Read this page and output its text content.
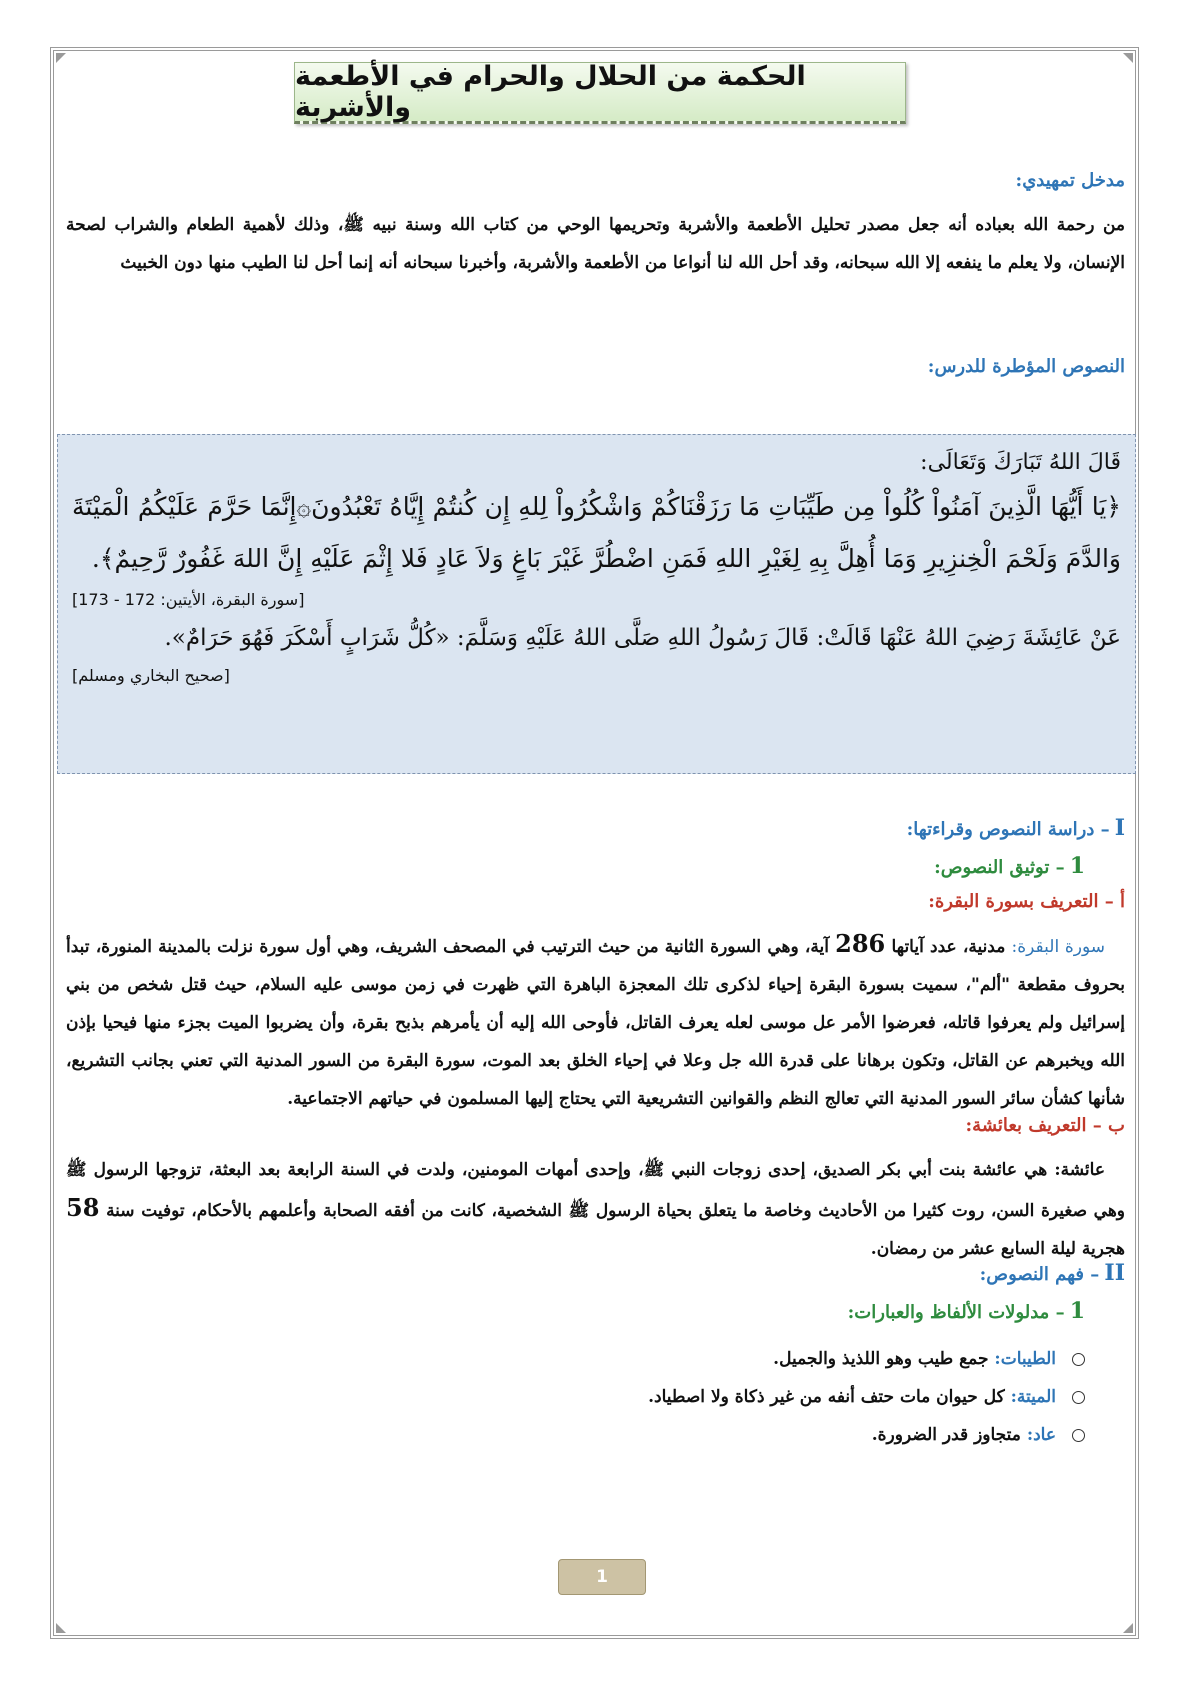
الحكمة من الحلال والحرام في الأطعمة والأشربة
مدخل تمهيدي:
من رحمة الله بعباده أنه جعل مصدر تحليل الأطعمة والأشربة وتحريمها الوحي من كتاب الله وسنة نبيه ﷺ، وذلك لأهمية الطعام والشراب لصحة الإنسان، ولا يعلم ما ينفعه إلا الله سبحانه، وقد أحل الله لنا أنواعا من الأطعمة والأشربة، وأخبرنا سبحانه أنه إنما أحل لنا الطيب منها دون الخبيث
النصوص المؤطرة للدرس:
قَالَ اللهُ تَبَارَكَ وَتَعَالَى:
﴿يَا أَيُّهَا الَّذِينَ آمَنُواْ كُلُواْ مِن طَيِّبَاتِ مَا رَزَقْنَاكُمْ وَاشْكُرُواْ لِلهِ إِن كُنتُمْ إِيَّاهُ تَعْبُدُونَ۞إِنَّمَا حَرَّمَ عَلَيْكُمُ الْمَيْتَةَ وَالدَّمَ وَلَحْمَ الْخِنزِيرِ وَمَا أُهِلَّ بِهِ لِغَيْرِ اللهِ فَمَنِ اضْطُرَّ غَيْرَ بَاغٍ وَلاَ عَادٍ فَلا إِثْمَ عَلَيْهِ إِنَّ اللهَ غَفُورٌ رَّحِيمٌ﴾.
[سورة البقرة، الأيتين: 172 - 173]
عَنْ عَائِشَةَ رَضِيَ اللهُ عَنْهَا قَالَتْ: قَالَ رَسُولُ اللهِ صَلَّى اللهُ عَلَيْهِ وَسَلَّمَ: «كُلُّ شَرَابٍ أَسْكَرَ فَهُوَ حَرَامٌ».
[صحيح البخاري ومسلم]
I – دراسة النصوص وقراءتها:
1 – توثيق النصوص:
أ – التعريف بسورة البقرة:
سورة البقرة: مدنية، عدد آياتها 286 آية، وهي السورة الثانية من حيث الترتيب في المصحف الشريف، وهي أول سورة نزلت بالمدينة المنورة، تبدأ بحروف مقطعة "ألم"، سميت بسورة البقرة إحياء لذكرى تلك المعجزة الباهرة التي ظهرت في زمن موسى عليه السلام، حيث قتل شخص من بني إسرائيل ولم يعرفوا قاتله، فعرضوا الأمر عل موسى لعله يعرف القاتل، فأوحى الله إليه أن يأمرهم بذبح بقرة، وأن يضربوا الميت بجزء منها فيحيا بإذن الله ويخبرهم عن القاتل، وتكون برهانا على قدرة الله جل وعلا في إحياء الخلق بعد الموت، سورة البقرة من السور المدنية التي تعني بجانب التشريع، شأنها كشأن سائر السور المدنية التي تعالج النظم والقوانين التشريعية التي يحتاج إليها المسلمون في حياتهم الاجتماعية.
ب – التعريف بعائشة:
عائشة: هي عائشة بنت أبي بكر الصديق، إحدى زوجات النبي ﷺ، وإحدى أمهات المومنين، ولدت في السنة الرابعة بعد البعثة، تزوجها الرسول ﷺ وهي صغيرة السن، روت كثيرا من الأحاديث وخاصة ما يتعلق بحياة الرسول ﷺ الشخصية، كانت من أفقه الصحابة وأعلمهم بالأحكام، توفيت سنة 58 هجرية ليلة السابع عشر من رمضان.
II – فهم النصوص:
1 – مدلولات الألفاظ والعبارات:
الطيبات: جمع طيب وهو اللذيذ والجميل.
الميتة: كل حيوان مات حتف أنفه من غير ذكاة ولا اصطياد.
عاد: متجاوز قدر الضرورة.
1
